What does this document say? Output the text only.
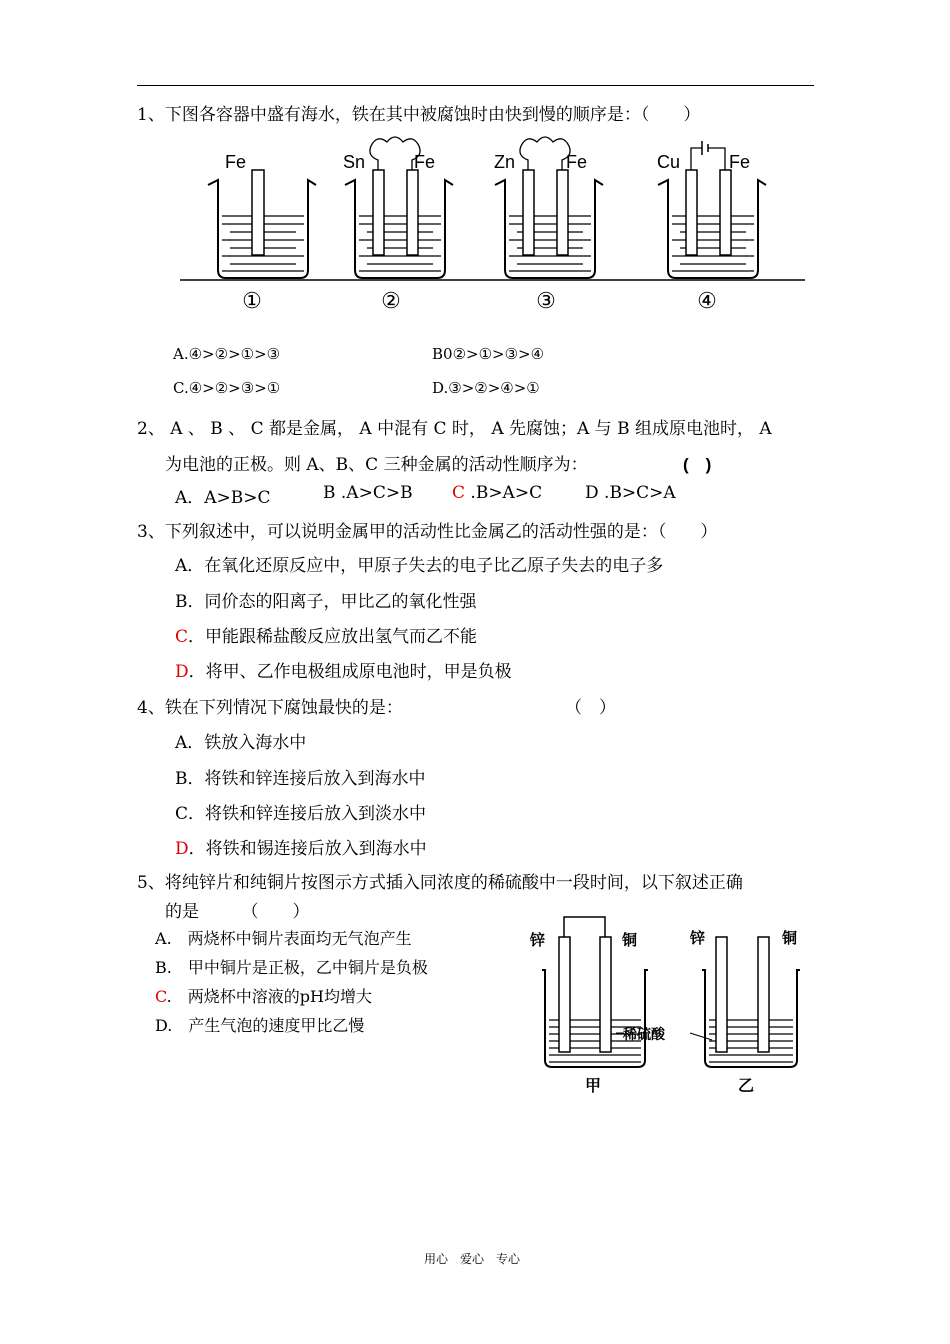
1、下图各容器中盛有海水，铁在其中被腐蚀时由快到慢的顺序是：（　　）
Fe	Sn	Fe	Zn	Fe	Cu	Fe
①	②	③	④
A.④>②>①>③	B0②>①>③>④
C.④>②>③>①	D.③>②>④>①
2、 A 、 B 、 C 都是金属， A 中混有 C 时， A 先腐蚀；A 与 B 组成原电池时， A
为电池的正极。则 A、B、C 三种金属的活动性顺序为：	(　)
A．A>B>C	B .A>C>B C .B>A>C	D .B>C>A
3、下列叙述中，可以说明金属甲的活动性比金属乙的活动性强的是：（　　）
A．在氧化还原反应中，甲原子失去的电子比乙原子失去的电子多
B．同价态的阳离子，甲比乙的氧化性强
C．甲能跟稀盐酸反应放出氢气而乙不能
D．将甲、乙作电极组成原电池时，甲是负极
4、铁在下列情况下腐蚀最快的是：	（　）
A．铁放入海水中
B．将铁和锌连接后放入到海水中
C．将铁和锌连接后放入到淡水中
D．将铁和锡连接后放入到海水中
5、将纯锌片和纯铜片按图示方式插入同浓度的稀硫酸中一段时间，以下叙述正确
的是　　　（　　）
A.　两烧杯中铜片表面均无气泡产生
B.　甲中铜片是正极，乙中铜片是负极
C.　两烧杯中溶液的pH均增大
D.　产生气泡的速度甲比乙慢
锌	铜	锌	铜
稀硫酸
甲	乙
用心　爱心　专心
